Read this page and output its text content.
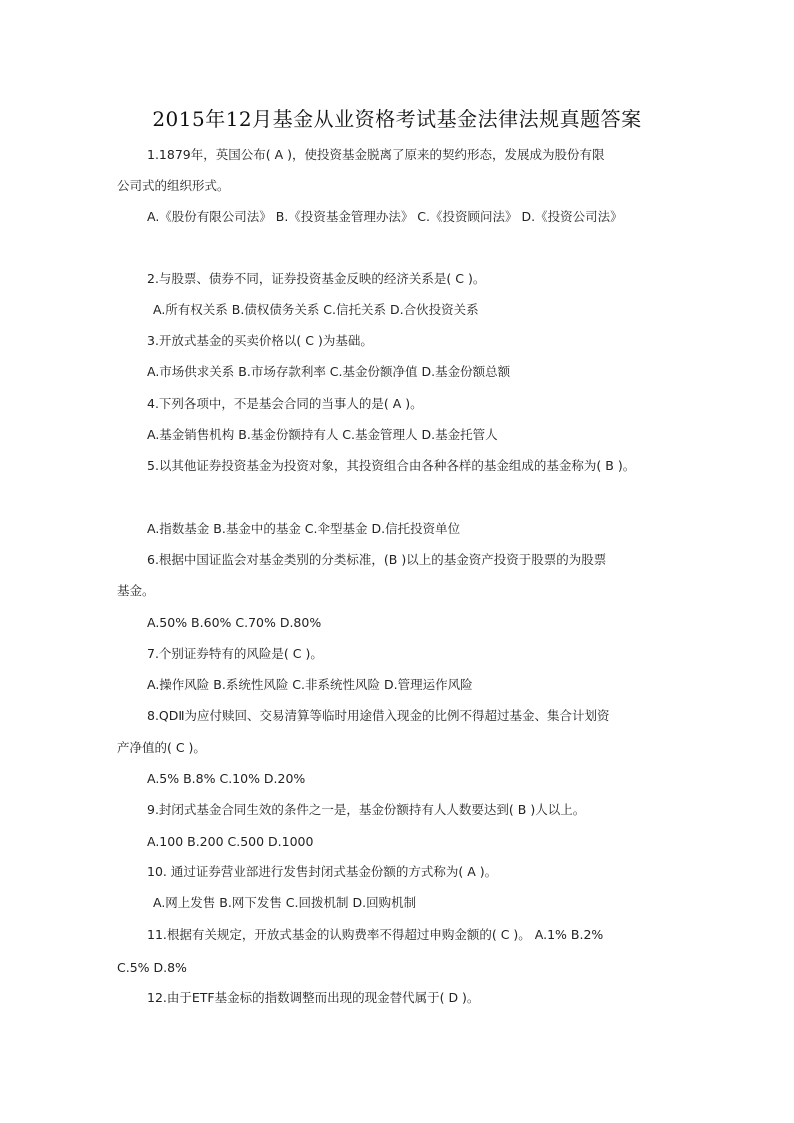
2015年12月基金从业资格考试基金法律法规真题答案
1.1879年，英国公布( A )，使投资基金脱离了原来的契约形态，发展成为股份有限
公司式的组织形式。
A.《股份有限公司法》 B.《投资基金管理办法》 C.《投资顾问法》 D.《投资公司法》
2.与股票、债券不同，证券投资基金反映的经济关系是( C )。
A.所有权关系 B.债权债务关系 C.信托关系 D.合伙投资关系
3.开放式基金的买卖价格以( C )为基础。
A.市场供求关系 B.市场存款利率 C.基金份额净值 D.基金份额总额
4.下列各项中，不是基会合同的当事人的是( A )。
A.基金销售机构 B.基金份额持有人 C.基金管理人 D.基金托管人
5.以其他证券投资基金为投资对象，其投资组合由各种各样的基金组成的基金称为( B )。
A.指数基金 B.基金中的基金 C.伞型基金 D.信托投资单位
6.根据中国证监会对基金类别的分类标准，(B )以上的基金资产投资于股票的为股票
基金。
A.50% B.60% C.70% D.80%
7.个别证券特有的风险是( C )。
A.操作风险 B.系统性风险 C.非系统性风险 D.管理运作风险
8.QDⅡ为应付赎回、交易清算等临时用途借入现金的比例不得超过基金、集合计划资
产净值的( C )。
A.5% B.8% C.10% D.20%
9.封闭式基金合同生效的条件之一是，基金份额持有人人数要达到( B )人以上。
A.100 B.200 C.500 D.1000
10. 通过证券营业部进行发售封闭式基金份额的方式称为( A )。
A.网上发售 B.网下发售 C.回拨机制 D.回购机制
11.根据有关规定，开放式基金的认购费率不得超过申购金额的( C )。 A.1% B.2%
C.5% D.8%
12.由于ETF基金标的指数调整而出现的现金替代属于( D )。
